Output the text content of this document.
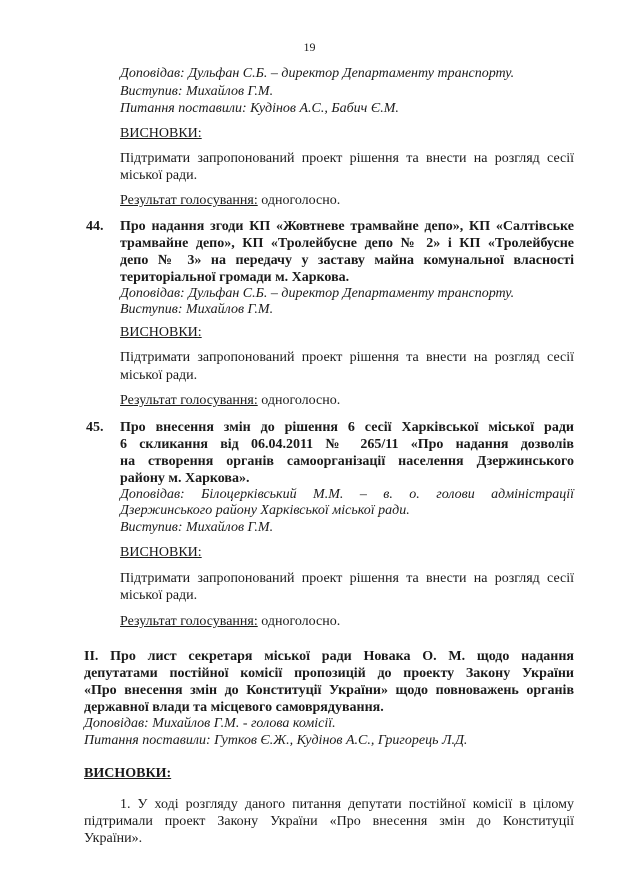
19
Доповідав: Дульфан С.Б. – директор Департаменту транспорту.
Виступив: Михайлов Г.М.
Питання поставили: Кудінов А.С., Бабич Є.М.
ВИСНОВКИ:
Підтримати запропонований проект рішення та внести на розгляд сесії
міської ради.
Результат голосування: одноголосно.
44. Про надання згоди КП «Жовтневе трамвайне депо», КП «Салтівське
трамвайне депо», КП «Тролейбусне депо № 2» і КП «Тролейбусне
депо № 3» на передачу у заставу майна комунальної власності
територіальної громади м. Харкова.
Доповідав: Дульфан С.Б. – директор Департаменту транспорту.
Виступив: Михайлов Г.М.
ВИСНОВКИ:
Підтримати запропонований проект рішення та внести на розгляд сесії
міської ради.
Результат голосування: одноголосно.
45. Про внесення змін до рішення 6 сесії Харківської міської ради
6 скликання від 06.04.2011 № 265/11 «Про надання дозволів
на створення органів самоорганізації населення Дзержинського
району м. Харкова».
Доповідав: Білоцерківський М.М. – в. о. голови адміністрації
Дзержинського району Харківської міської ради.
Виступив: Михайлов Г.М.
ВИСНОВКИ:
Підтримати запропонований проект рішення та внести на розгляд сесії
міської ради.
Результат голосування: одноголосно.
ІІ. Про лист секретаря міської ради Новака О. М. щодо надання
депутатами постійної комісії пропозицій до проекту Закону України
«Про внесення змін до Конституції України» щодо повноважень органів
державної влади та місцевого самоврядування.
Доповідав: Михайлов Г.М. - голова комісії.
Питання поставили: Гутков Є.Ж., Кудінов А.С., Григорець Л.Д.
ВИСНОВКИ:
1. У ході розгляду даного питання депутати постійної комісії в цілому
підтримали проект Закону України «Про внесення змін до Конституції
України».
